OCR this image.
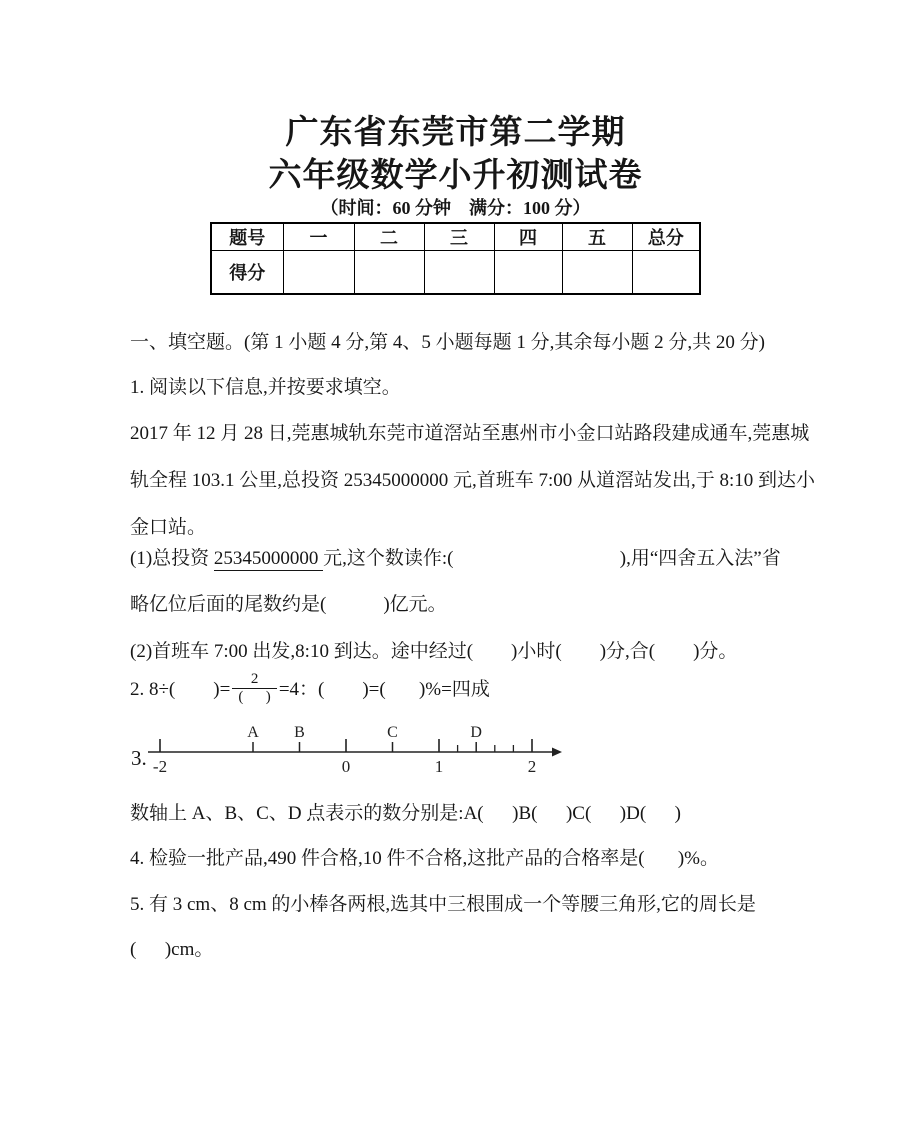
广东省东莞市第二学期
六年级数学小升初测试卷
（时间：60 分钟　满分：100 分）
题号	一	二	三	四	五	总分
得分						
一、填空题。(第 1 小题 4 分,第 4、5 小题每题 1 分,其余每小题 2 分,共 20 分)
1. 阅读以下信息,并按要求填空。
2017 年 12 月 28 日,莞惠城轨东莞市道滘站至惠州市小金口站路段建成通车,莞惠城
轨全程 103.1 公里,总投资 25345000000 元,首班车 7:00 从道滘站发出,于 8:10 到达小
金口站。
(1)总投资 25345000000 元,这个数读作:(	),用“四舍五入法”省
略亿位后面的尾数约是(	)亿元。
(2)首班车 7:00 出发,8:10 到达。途中经过(        )小时(        )分,合(        )分。
2. 8÷(        )= $\frac{2}{( )} =4$：(        )=(       )%=四成
3. -2	0	1	2
A B	C	D
数轴上 A、B、C、D 点表示的数分别是:A(      )B(      )C(      )D(      )
4. 检验一批产品,490 件合格,10 件不合格,这批产品的合格率是(       )%。
5. 有 3 cm、8 cm 的小棒各两根,选其中三根围成一个等腰三角形,它的周长是
(      )cm。
